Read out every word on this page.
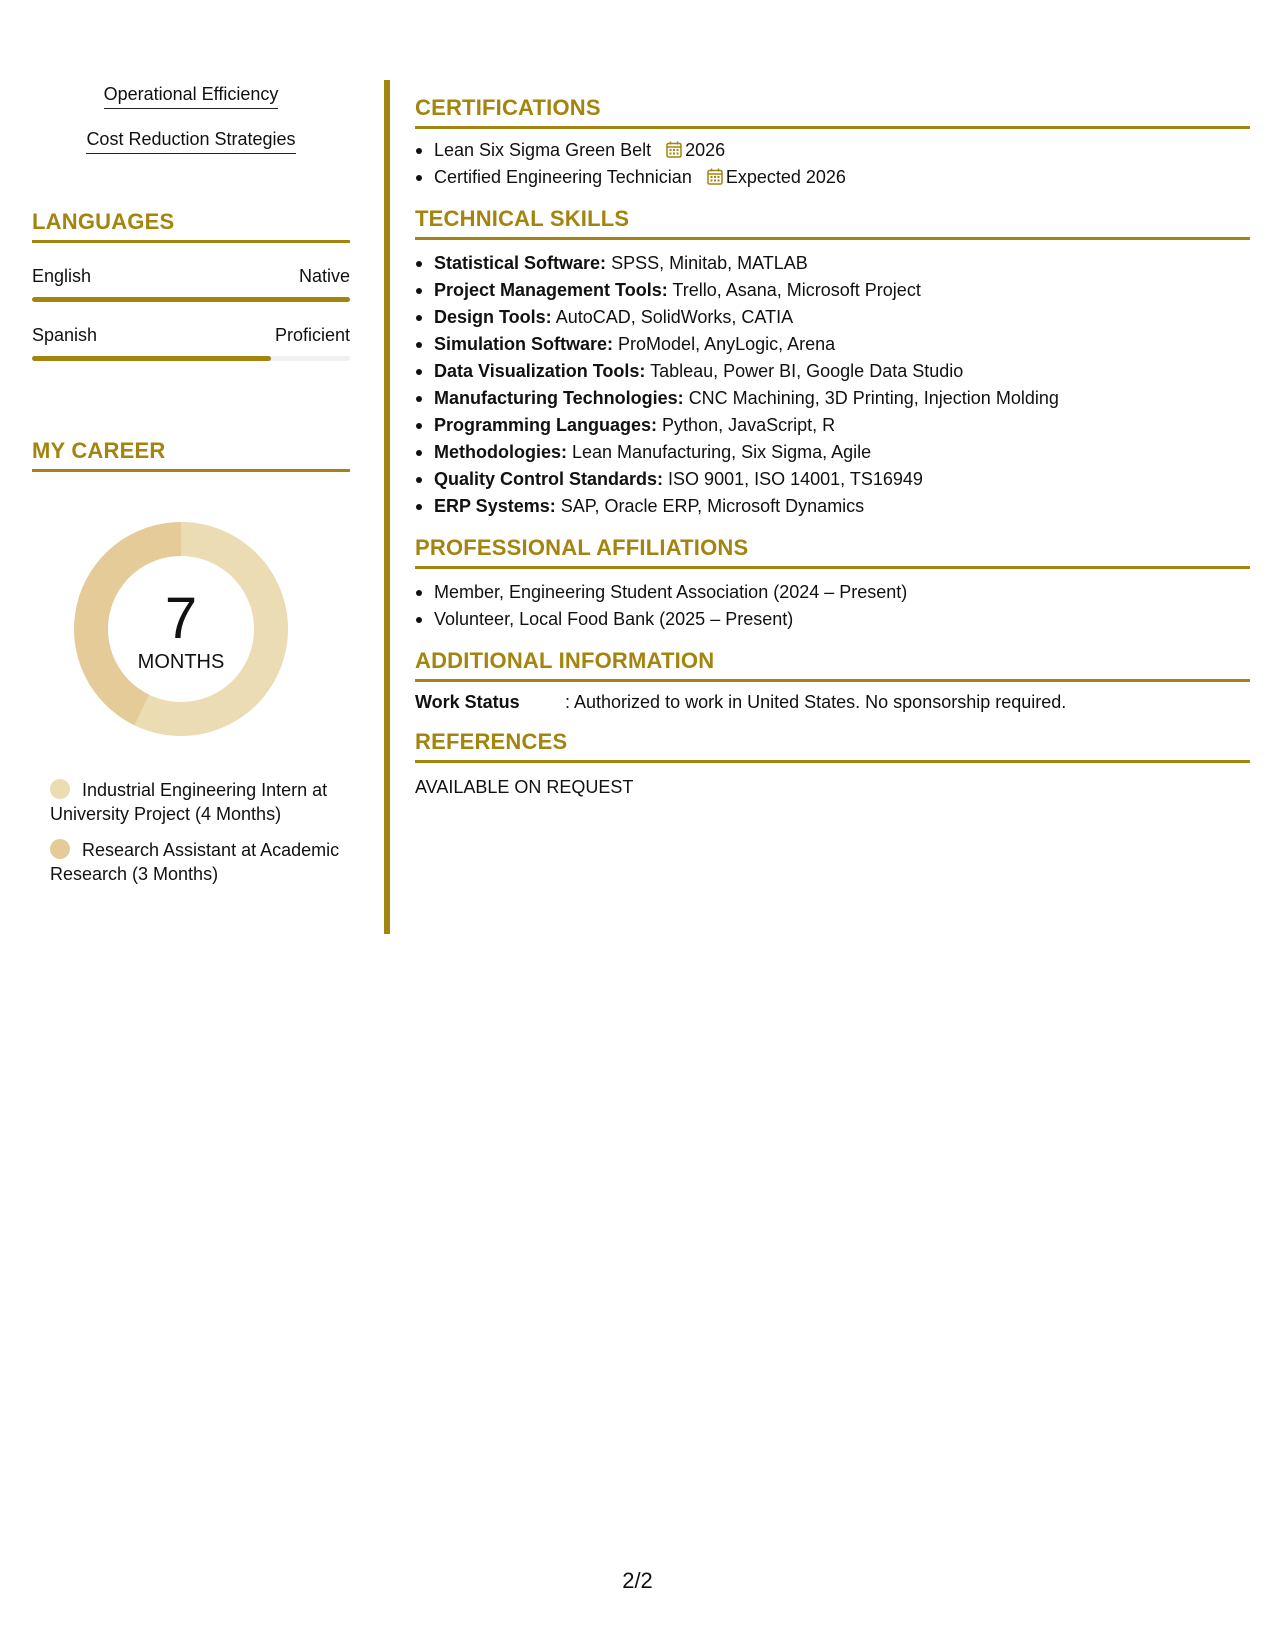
Operational Efficiency
Cost Reduction Strategies
LANGUAGES
English	Native
Spanish	Proficient
MY CAREER
7
MONTHS
Industrial Engineering Intern at University Project (4 Months)
Research Assistant at Academic Research (3 Months)
CERTIFICATIONS
Lean Six Sigma Green Belt 2026
Certified Engineering Technician Expected 2026
TECHNICAL SKILLS
Statistical Software: SPSS, Minitab, MATLAB
Project Management Tools: Trello, Asana, Microsoft Project
Design Tools: AutoCAD, SolidWorks, CATIA
Simulation Software: ProModel, AnyLogic, Arena
Data Visualization Tools: Tableau, Power BI, Google Data Studio
Manufacturing Technologies: CNC Machining, 3D Printing, Injection Molding
Programming Languages: Python, JavaScript, R
Methodologies: Lean Manufacturing, Six Sigma, Agile
Quality Control Standards: ISO 9001, ISO 14001, TS16949
ERP Systems: SAP, Oracle ERP, Microsoft Dynamics
PROFESSIONAL AFFILIATIONS
Member, Engineering Student Association (2024 – Present)
Volunteer, Local Food Bank (2025 – Present)
ADDITIONAL INFORMATION
Work Status	: Authorized to work in United States. No sponsorship required.
REFERENCES
AVAILABLE ON REQUEST
2/2
